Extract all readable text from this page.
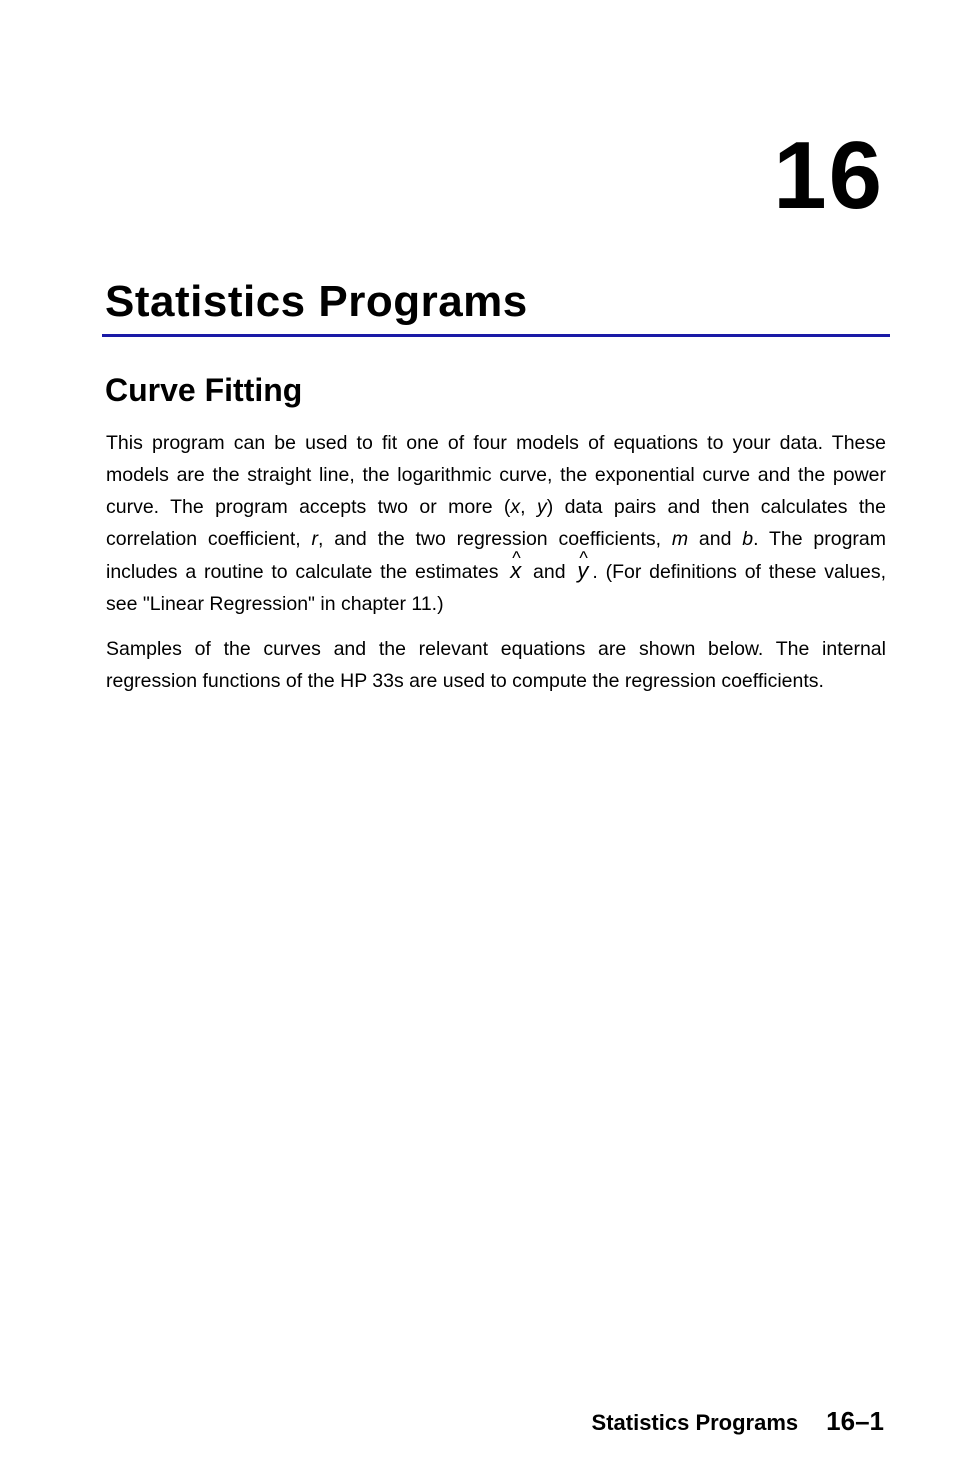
16
Statistics Programs
Curve Fitting

This program can be used to fit one of four models of equations to your data. These models are the straight line, the logarithmic curve, the exponential curve and the power curve. The program accepts two or more (x, y) data pairs and then calculates the correlation coefficient, r, and the two regression coefficients, m and b. The program includes a routine to calculate the estimates ^ x and ^ y . (For definitions of these values, see "Linear Regression" in chapter 11.)

Samples of the curves and the relevant equations are shown below. The internal regression functions of the HP 33s are used to compute the regression coefficients.

Statistics Programs 16–1
